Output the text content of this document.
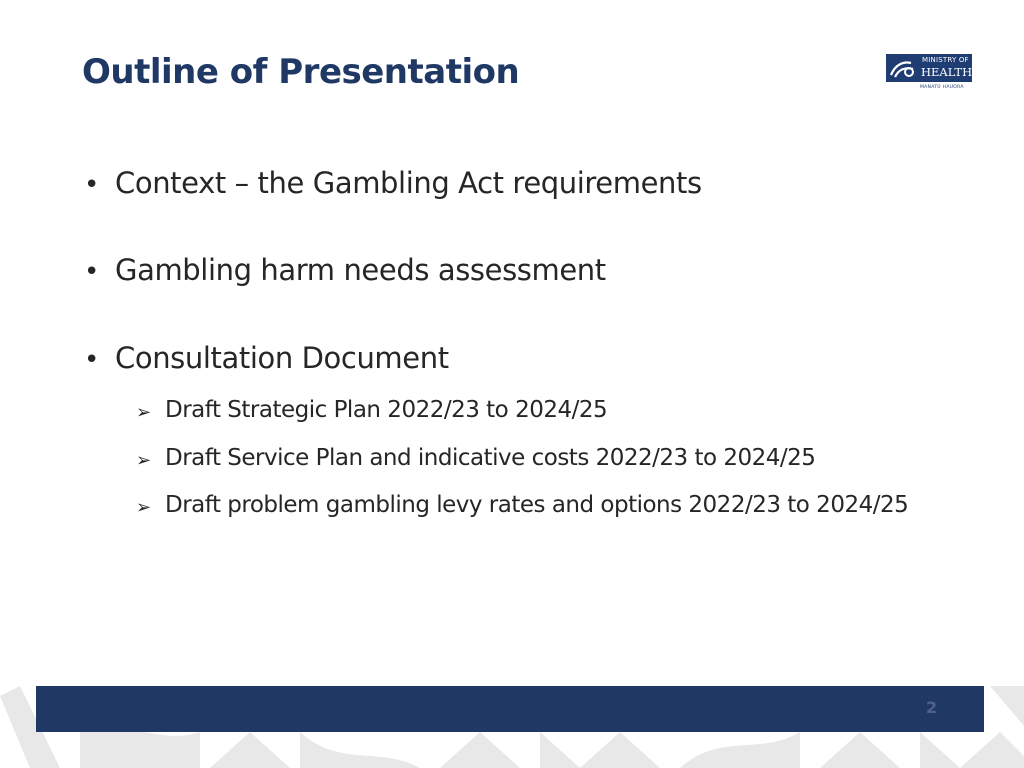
Outline of Presentation	MINISTRY OF
HEALTH
MANATŪ HAUORA
• Context – the Gambling Act requirements
• Gambling harm needs assessment
• Consultation Document
➢ Draft Strategic Plan 2022/23 to 2024/25
➢ Draft Service Plan and indicative costs 2022/23 to 2024/25
➢ Draft problem gambling levy rates and options 2022/23 to 2024/25
2
